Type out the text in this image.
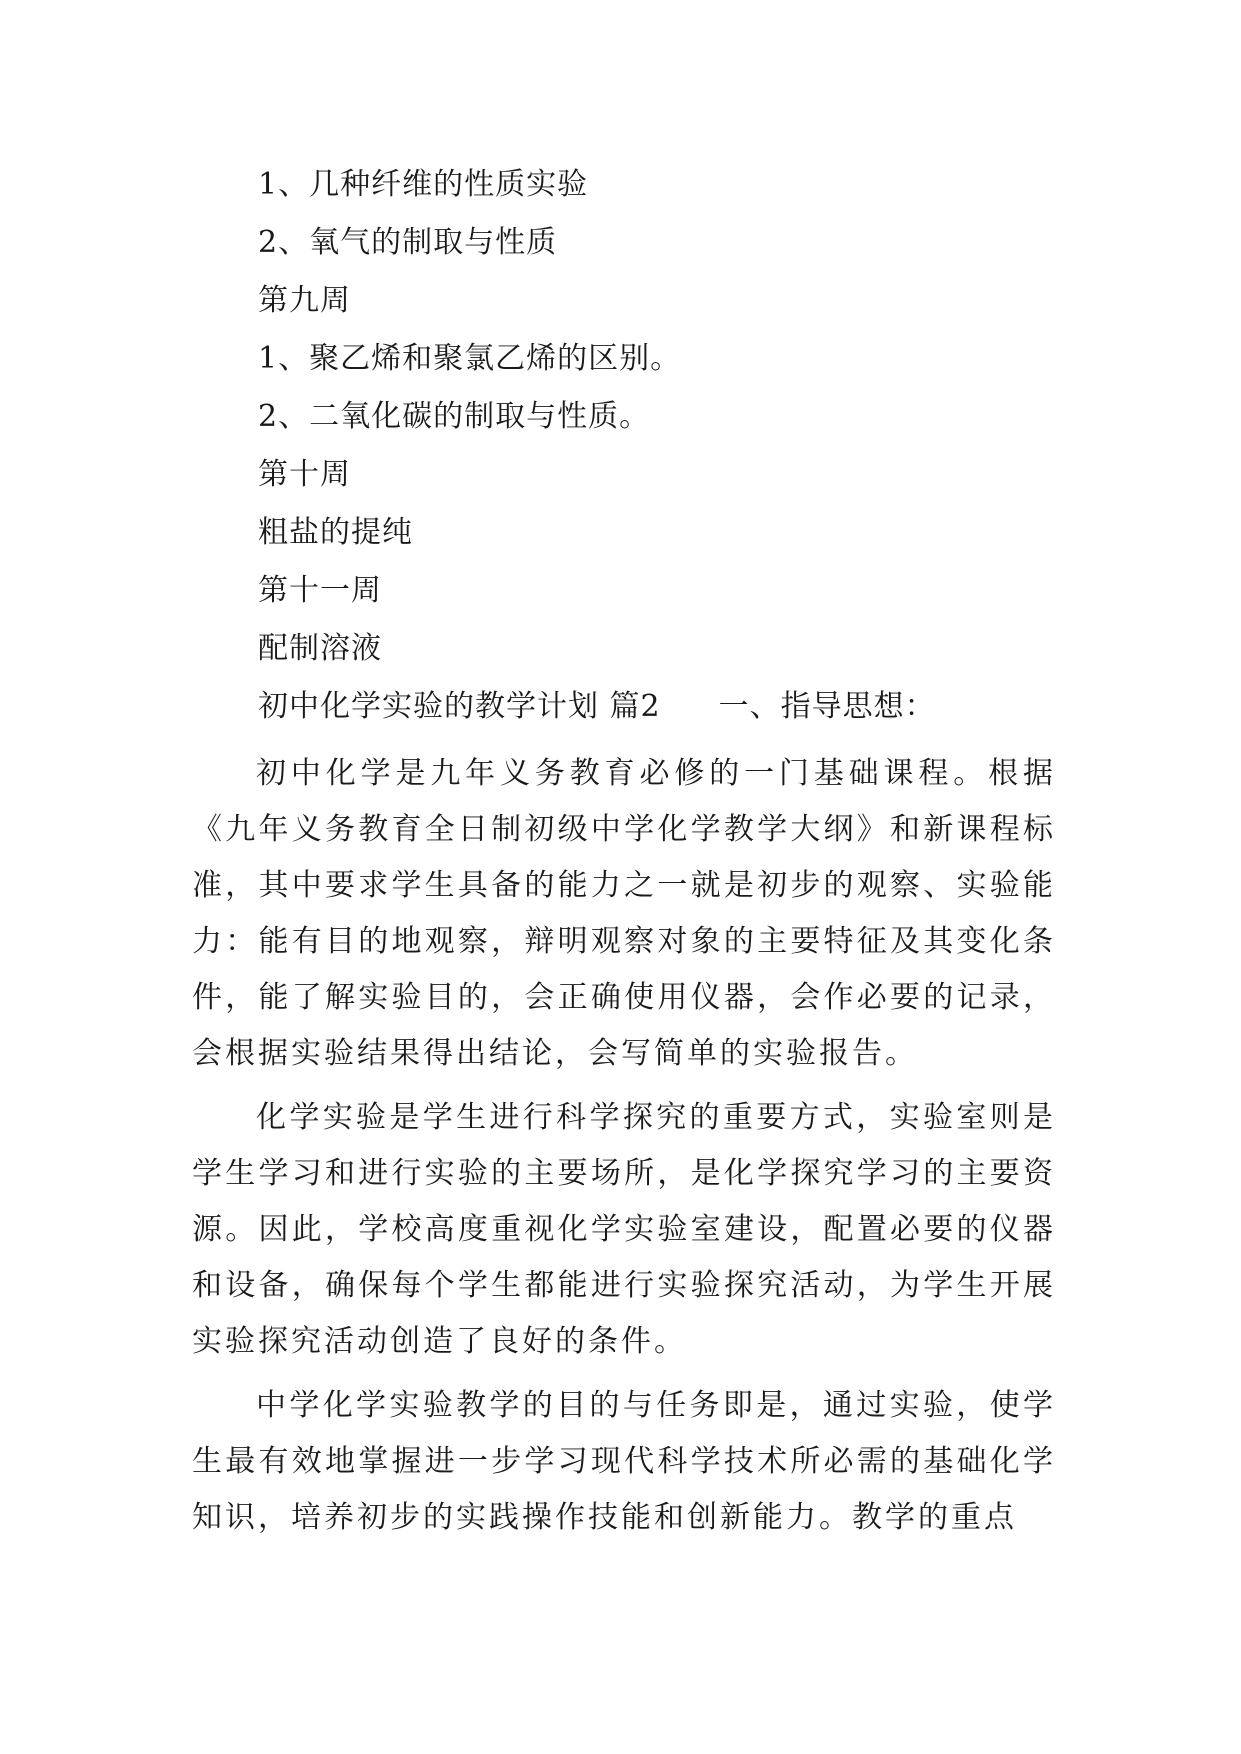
1、几种纤维的性质实验
2、氧气的制取与性质
第九周
1、聚乙烯和聚氯乙烯的区别。
2、二氧化碳的制取与性质。
第十周
粗盐的提纯
第十一周
配制溶液
初中化学实验的教学计划 篇2 一、指导思想：

初中化学是九年义务教育必修的一门基础课程。根据《九年义务教育全日制初级中学化学教学大纲》和新课程标准，其中要求学生具备的能力之一就是初步的观察、实验能力：能有目的地观察，辩明观察对象的主要特征及其变化条件，能了解实验目的，会正确使用仪器，会作必要的记录，会根据实验结果得出结论，会写简单的实验报告。

化学实验是学生进行科学探究的重要方式，实验室则是学生学习和进行实验的主要场所，是化学探究学习的主要资源。因此，学校高度重视化学实验室建设，配置必要的仪器和设备，确保每个学生都能进行实验探究活动，为学生开展实验探究活动创造了良好的条件。

中学化学实验教学的目的与任务即是，通过实验，使学生最有效地掌握进一步学习现代科学技术所必需的基础化学知识，培养初步的实践操作技能和创新能力。教学的重点
